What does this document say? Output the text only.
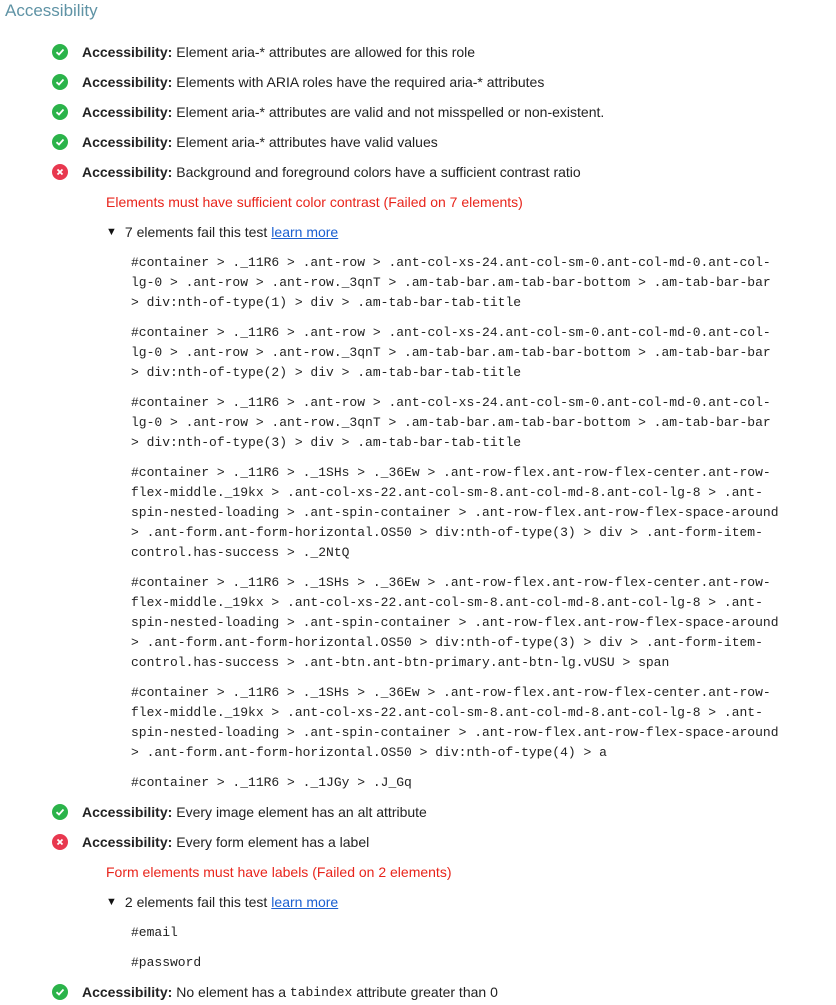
Accessibility
Accessibility: Element aria-* attributes are allowed for this role
Accessibility: Elements with ARIA roles have the required aria-* attributes
Accessibility: Element aria-* attributes are valid and not misspelled or non-existent.
Accessibility: Element aria-* attributes have valid values
Accessibility: Background and foreground colors have a sufficient contrast ratio
Elements must have sufficient color contrast (Failed on 7 elements)
▼ 7 elements fail this test learn more
#container > ._11R6 > .ant-row > .ant-col-xs-24.ant-col-sm-0.ant-col-md-0.ant-col-
lg-0 > .ant-row > .ant-row._3qnT > .am-tab-bar.am-tab-bar-bottom > .am-tab-bar-bar
> div:nth-of-type(1) > div > .am-tab-bar-tab-title
#container > ._11R6 > .ant-row > .ant-col-xs-24.ant-col-sm-0.ant-col-md-0.ant-col-
lg-0 > .ant-row > .ant-row._3qnT > .am-tab-bar.am-tab-bar-bottom > .am-tab-bar-bar
> div:nth-of-type(2) > div > .am-tab-bar-tab-title
#container > ._11R6 > .ant-row > .ant-col-xs-24.ant-col-sm-0.ant-col-md-0.ant-col-
lg-0 > .ant-row > .ant-row._3qnT > .am-tab-bar.am-tab-bar-bottom > .am-tab-bar-bar
> div:nth-of-type(3) > div > .am-tab-bar-tab-title
#container > ._11R6 > ._1SHs > ._36Ew > .ant-row-flex.ant-row-flex-center.ant-row-
flex-middle._19kx > .ant-col-xs-22.ant-col-sm-8.ant-col-md-8.ant-col-lg-8 > .ant-
spin-nested-loading > .ant-spin-container > .ant-row-flex.ant-row-flex-space-around
> .ant-form.ant-form-horizontal.OS50 > div:nth-of-type(3) > div > .ant-form-item-
control.has-success > ._2NtQ
#container > ._11R6 > ._1SHs > ._36Ew > .ant-row-flex.ant-row-flex-center.ant-row-
flex-middle._19kx > .ant-col-xs-22.ant-col-sm-8.ant-col-md-8.ant-col-lg-8 > .ant-
spin-nested-loading > .ant-spin-container > .ant-row-flex.ant-row-flex-space-around
> .ant-form.ant-form-horizontal.OS50 > div:nth-of-type(3) > div > .ant-form-item-
control.has-success > .ant-btn.ant-btn-primary.ant-btn-lg.vUSU > span
#container > ._11R6 > ._1SHs > ._36Ew > .ant-row-flex.ant-row-flex-center.ant-row-
flex-middle._19kx > .ant-col-xs-22.ant-col-sm-8.ant-col-md-8.ant-col-lg-8 > .ant-
spin-nested-loading > .ant-spin-container > .ant-row-flex.ant-row-flex-space-around
> .ant-form.ant-form-horizontal.OS50 > div:nth-of-type(4) > a
#container > ._11R6 > ._1JGy > .J_Gq
Accessibility: Every image element has an alt attribute
Accessibility: Every form element has a label
Form elements must have labels (Failed on 2 elements)
▼ 2 elements fail this test learn more
#email
#password
Accessibility: No element has a tabindex attribute greater than 0
